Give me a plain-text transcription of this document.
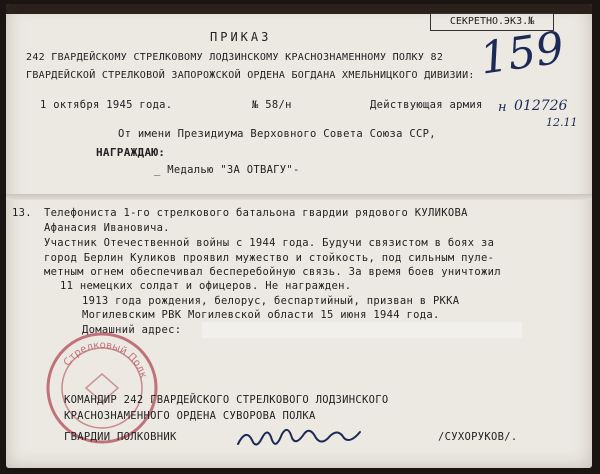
СЕКРЕТНО.ЭКЗ.№
ПРИКАЗ
242 ГВАРДЕЙСКОМУ СТРЕЛКОВОМУ ЛОДЗИНСКОМУ КРАСНОЗНАМЕННОМУ ПОЛКУ 82
ГВАРДЕЙСКОЙ СТРЕЛКОВОЙ ЗАПОРОЖСКОЙ ОРДЕНА БОГДАНА ХМЕЛЬНИЦКОГО ДИВИЗИИ:
1 октября 1945 года.	№ 58/н	Действующая армия
159
н 012726
12.11
От имени Президиума Верховного Совета Союза ССР,
НАГРАЖДАЮ:
_ Медалью "ЗА ОТВАГУ"-
13. Телефониста 1-го стрелкового батальона гвардии рядового КУЛИКОВА
Афанасия Ивановича.
Участник Отечественной войны с 1944 года. Будучи связистом в боях за
город Берлин Куликов проявил мужество и стойкость, под сильным пуле-
метным огнем обеспечивал бесперебойную связь. За время боев уничтожил
11 немецких солдат и офицеров. Не награжден.
1913 года рождения, белорус, беспартийный, призван в РККА
Могилевским РВК Могилевской области 15 июня 1944 года.
Домашний адрес:
Стрелковый Полк
КОМАНДИР 242 ГВАРДЕЙСКОГО СТРЕЛКОВОГО ЛОДЗИНСКОГО
КРАСНОЗНАМЕННОГО ОРДЕНА СУВОРОВА ПОЛКА
ГВАРДИИ ПОЛКОВНИК	/СУХОРУКОВ/.
